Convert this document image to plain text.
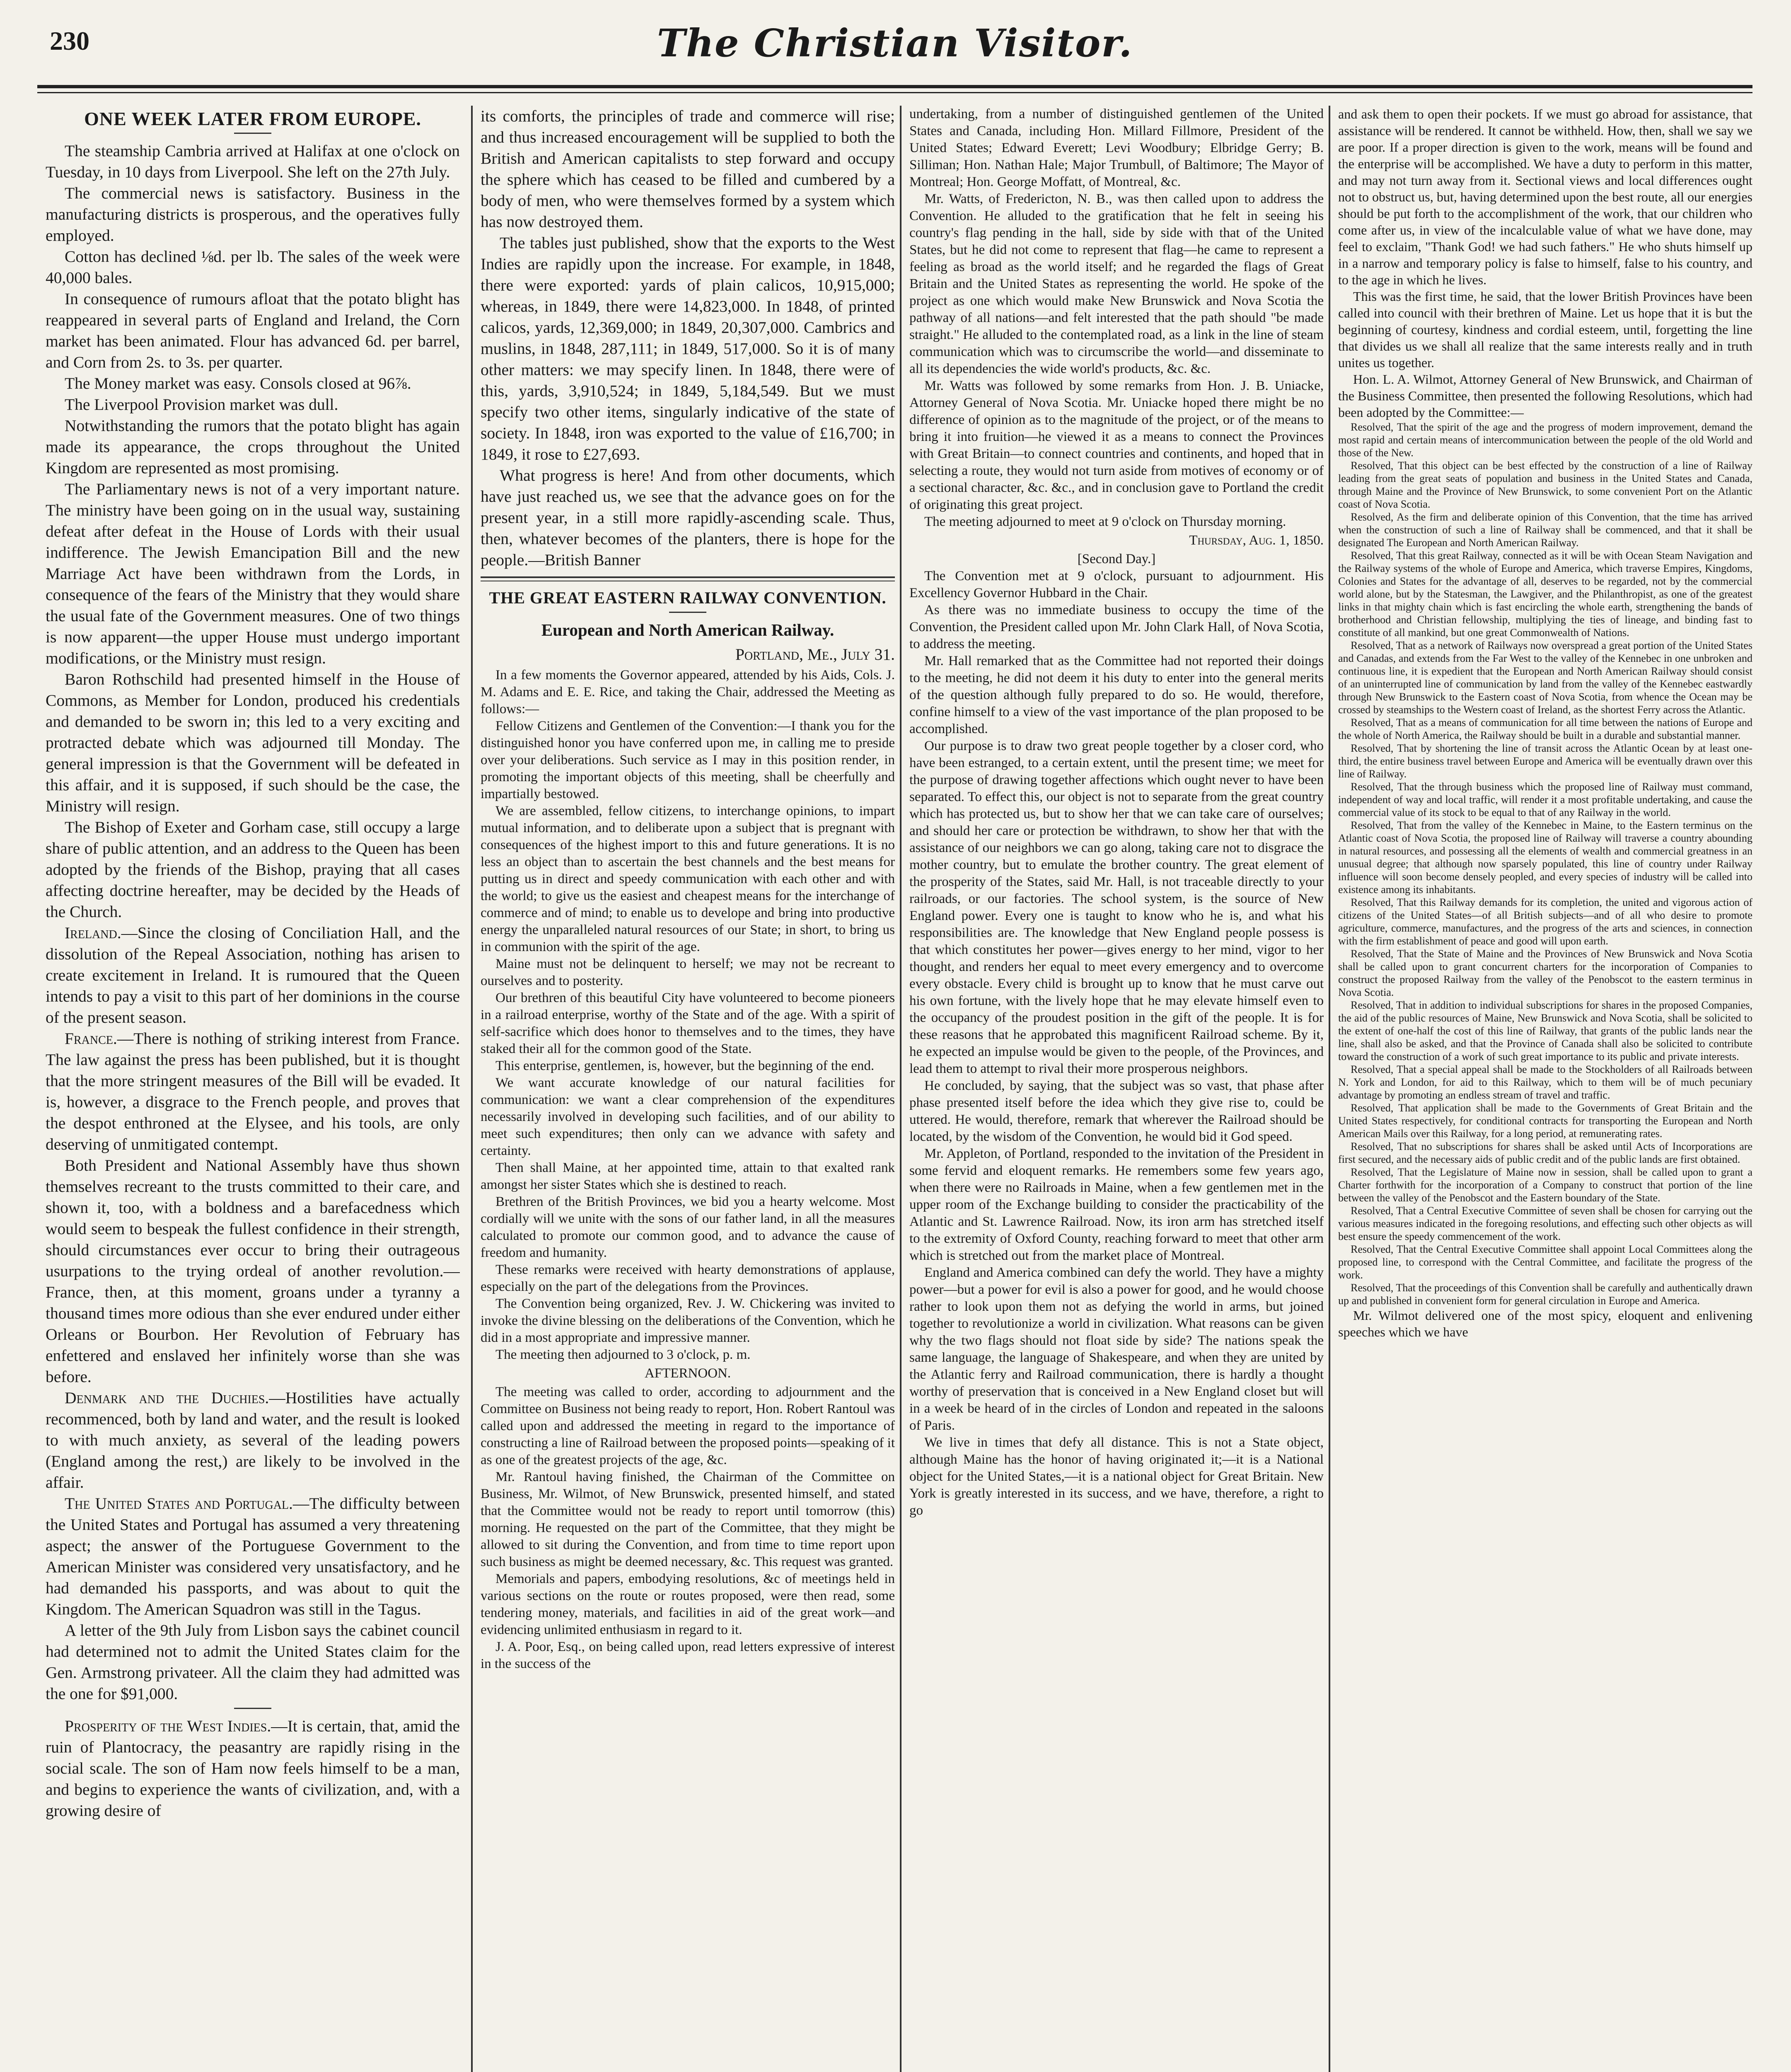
230	The Christian Visitor.
ONE WEEK LATER FROM EUROPE.

The steamship Cambria arrived at Halifax at one o'clock on Tuesday, in 10 days from Liverpool. She left on the 27th July.

The commercial news is satisfactory. Business in the manufacturing districts is prosperous, and the operatives fully employed.

Cotton has declined ⅛d. per lb. The sales of the week were 40,000 bales.

In consequence of rumours afloat that the potato blight has reappeared in several parts of England and Ireland, the Corn market has been animated. Flour has advanced 6d. per barrel, and Corn from 2s. to 3s. per quarter.

The Money market was easy. Consols closed at 96⅞.

The Liverpool Provision market was dull.

Notwithstanding the rumors that the potato blight has again made its appearance, the crops throughout the United Kingdom are represented as most promising.

The Parliamentary news is not of a very important nature. The ministry have been going on in the usual way, sustaining defeat after defeat in the House of Lords with their usual indifference. The Jewish Emancipation Bill and the new Marriage Act have been withdrawn from the Lords, in consequence of the fears of the Ministry that they would share the usual fate of the Government measures. One of two things is now apparent—the upper House must undergo important modifications, or the Ministry must resign.

Baron Rothschild had presented himself in the House of Commons, as Member for London, produced his credentials and demanded to be sworn in; this led to a very exciting and protracted debate which was adjourned till Monday. The general impression is that the Government will be defeated in this affair, and it is supposed, if such should be the case, the Ministry will resign.

The Bishop of Exeter and Gorham case, still occupy a large share of public attention, and an address to the Queen has been adopted by the friends of the Bishop, praying that all cases affecting doctrine hereafter, may be decided by the Heads of the Church.

Ireland.—Since the closing of Conciliation Hall, and the dissolution of the Repeal Association, nothing has arisen to create excitement in Ireland. It is rumoured that the Queen intends to pay a visit to this part of her dominions in the course of the present season.

France.—There is nothing of striking interest from France. The law against the press has been published, but it is thought that the more stringent measures of the Bill will be evaded. It is, however, a disgrace to the French people, and proves that the despot enthroned at the Elysee, and his tools, are only deserving of unmitigated contempt.

Both President and National Assembly have thus shown themselves recreant to the trusts committed to their care, and shown it, too, with a boldness and a barefacedness which would seem to bespeak the fullest confidence in their strength, should circumstances ever occur to bring their outrageous usurpations to the trying ordeal of another revolution.—France, then, at this moment, groans under a tyranny a thousand times more odious than she ever endured under either Orleans or Bourbon. Her Revolution of February has enfettered and enslaved her infinitely worse than she was before.

Denmark and the Duchies.—Hostilities have actually recommenced, both by land and water, and the result is looked to with much anxiety, as several of the leading powers (England among the rest,) are likely to be involved in the affair.

The United States and Portugal.—The difficulty between the United States and Portugal has assumed a very threatening aspect; the answer of the Portuguese Government to the American Minister was considered very unsatisfactory, and he had demanded his passports, and was about to quit the Kingdom. The American Squadron was still in the Tagus.

A letter of the 9th July from Lisbon says the cabinet council had determined not to admit the United States claim for the Gen. Armstrong privateer. All the claim they had admitted was the one for $91,000.

Prosperity of the West Indies.—It is certain, that, amid the ruin of Plantocracy, the peasantry are rapidly rising in the social scale. The son of Ham now feels himself to be a man, and begins to experience the wants of civilization, and, with a growing desire of

its comforts, the principles of trade and commerce will rise; and thus increased encouragement will be supplied to both the British and American capitalists to step forward and occupy the sphere which has ceased to be filled and cumbered by a body of men, who were themselves formed by a system which has now destroyed them.

The tables just published, show that the exports to the West Indies are rapidly upon the increase. For example, in 1848, there were exported: yards of plain calicos, 10,915,000; whereas, in 1849, there were 14,823,000. In 1848, of printed calicos, yards, 12,369,000; in 1849, 20,307,000. Cambrics and muslins, in 1848, 287,111; in 1849, 517,000. So it is of many other matters: we may specify linen. In 1848, there were of this, yards, 3,910,524; in 1849, 5,184,549. But we must specify two other items, singularly indicative of the state of society. In 1848, iron was exported to the value of £16,700; in 1849, it rose to £27,693.

What progress is here! And from other documents, which have just reached us, we see that the advance goes on for the present year, in a still more rapidly-ascending scale. Thus, then, whatever becomes of the planters, there is hope for the people.—British Banner

THE GREAT EASTERN RAILWAY CONVENTION.
European and North American Railway.
Portland, Me., July 31.

In a few moments the Governor appeared, attended by his Aids, Cols. J. M. Adams and E. E. Rice, and taking the Chair, addressed the Meeting as follows:—

Fellow Citizens and Gentlemen of the Convention:—I thank you for the distinguished honor you have conferred upon me, in calling me to preside over your deliberations. Such service as I may in this position render, in promoting the important objects of this meeting, shall be cheerfully and impartially bestowed.

We are assembled, fellow citizens, to interchange opinions, to impart mutual information, and to deliberate upon a subject that is pregnant with consequences of the highest import to this and future generations. It is no less an object than to ascertain the best channels and the best means for putting us in direct and speedy communication with each other and with the world; to give us the easiest and cheapest means for the interchange of commerce and of mind; to enable us to develope and bring into productive energy the unparalleled natural resources of our State; in short, to bring us in communion with the spirit of the age.

Maine must not be delinquent to herself; we may not be recreant to ourselves and to posterity.

Our brethren of this beautiful City have volunteered to become pioneers in a railroad enterprise, worthy of the State and of the age. With a spirit of self-sacrifice which does honor to themselves and to the times, they have staked their all for the common good of the State.

This enterprise, gentlemen, is, however, but the beginning of the end.

We want accurate knowledge of our natural facilities for communication: we want a clear comprehension of the expenditures necessarily involved in developing such facilities, and of our ability to meet such expenditures; then only can we advance with safety and certainty.

Then shall Maine, at her appointed time, attain to that exalted rank amongst her sister States which she is destined to reach.

Brethren of the British Provinces, we bid you a hearty welcome. Most cordially will we unite with the sons of our father land, in all the measures calculated to promote our common good, and to advance the cause of freedom and humanity.

These remarks were received with hearty demonstrations of applause, especially on the part of the delegations from the Provinces.

The Convention being organized, Rev. J. W. Chickering was invited to invoke the divine blessing on the deliberations of the Convention, which he did in a most appropriate and impressive manner.

The meeting then adjourned to 3 o'clock, p. m.

AFTERNOON.

The meeting was called to order, according to adjournment and the Committee on Business not being ready to report, Hon. Robert Rantoul was called upon and addressed the meeting in regard to the importance of constructing a line of Railroad between the proposed points—speaking of it as one of the greatest projects of the age, &c.

Mr. Rantoul having finished, the Chairman of the Committee on Business, Mr. Wilmot, of New Brunswick, presented himself, and stated that the Committee would not be ready to report until tomorrow (this) morning. He requested on the part of the Committee, that they might be allowed to sit during the Convention, and from time to time report upon such business as might be deemed necessary, &c. This request was granted.

Memorials and papers, embodying resolutions, &c of meetings held in various sections on the route or routes proposed, were then read, some tendering money, materials, and facilities in aid of the great work—and evidencing unlimited enthusiasm in regard to it.

J. A. Poor, Esq., on being called upon, read letters expressive of interest in the success of the

undertaking, from a number of distinguished gentlemen of the United States and Canada, including Hon. Millard Fillmore, President of the United States; Edward Everett; Levi Woodbury; Elbridge Gerry; B. Silliman; Hon. Nathan Hale; Major Trumbull, of Baltimore; The Mayor of Montreal; Hon. George Moffatt, of Montreal, &c.

Mr. Watts, of Fredericton, N. B., was then called upon to address the Convention. He alluded to the gratification that he felt in seeing his country's flag pending in the hall, side by side with that of the United States, but he did not come to represent that flag—he came to represent a feeling as broad as the world itself; and he regarded the flags of Great Britain and the United States as representing the world. He spoke of the project as one which would make New Brunswick and Nova Scotia the pathway of all nations—and felt interested that the path should "be made straight." He alluded to the contemplated road, as a link in the line of steam communication which was to circumscribe the world—and disseminate to all its dependencies the wide world's products, &c. &c.

Mr. Watts was followed by some remarks from Hon. J. B. Uniacke, Attorney General of Nova Scotia. Mr. Uniacke hoped there might be no difference of opinion as to the magnitude of the project, or of the means to bring it into fruition—he viewed it as a means to connect the Provinces with Great Britain—to connect countries and continents, and hoped that in selecting a route, they would not turn aside from motives of economy or of a sectional character, &c. &c., and in conclusion gave to Portland the credit of originating this great project.

The meeting adjourned to meet at 9 o'clock on Thursday morning.

Thursday, Aug. 1, 1850.
[Second Day.]

The Convention met at 9 o'clock, pursuant to adjournment. His Excellency Governor Hubbard in the Chair.

As there was no immediate business to occupy the time of the Convention, the President called upon Mr. John Clark Hall, of Nova Scotia, to address the meeting.

Mr. Hall remarked that as the Committee had not reported their doings to the meeting, he did not deem it his duty to enter into the general merits of the question although fully prepared to do so. He would, therefore, confine himself to a view of the vast importance of the plan proposed to be accomplished.

Our purpose is to draw two great people together by a closer cord, who have been estranged, to a certain extent, until the present time; we meet for the purpose of drawing together affections which ought never to have been separated. To effect this, our object is not to separate from the great country which has protected us, but to show her that we can take care of ourselves; and should her care or protection be withdrawn, to show her that with the assistance of our neighbors we can go along, taking care not to disgrace the mother country, but to emulate the brother country. The great element of the prosperity of the States, said Mr. Hall, is not traceable directly to your railroads, or our factories. The school system, is the source of New England power. Every one is taught to know who he is, and what his responsibilities are. The knowledge that New England people possess is that which constitutes her power—gives energy to her mind, vigor to her thought, and renders her equal to meet every emergency and to overcome every obstacle. Every child is brought up to know that he must carve out his own fortune, with the lively hope that he may elevate himself even to the occupancy of the proudest position in the gift of the people. It is for these reasons that he approbated this magnificent Railroad scheme. By it, he expected an impulse would be given to the people, of the Provinces, and lead them to attempt to rival their more prosperous neighbors.

He concluded, by saying, that the subject was so vast, that phase after phase presented itself before the idea which they give rise to, could be uttered. He would, therefore, remark that wherever the Railroad should be located, by the wisdom of the Convention, he would bid it God speed.

Mr. Appleton, of Portland, responded to the invitation of the President in some fervid and eloquent remarks. He remembers some few years ago, when there were no Railroads in Maine, when a few gentlemen met in the upper room of the Exchange building to consider the practicability of the Atlantic and St. Lawrence Railroad. Now, its iron arm has stretched itself to the extremity of Oxford County, reaching forward to meet that other arm which is stretched out from the market place of Montreal.

England and America combined can defy the world. They have a mighty power—but a power for evil is also a power for good, and he would choose rather to look upon them not as defying the world in arms, but joined together to revolutionize a world in civilization. What reasons can be given why the two flags should not float side by side? The nations speak the same language, the language of Shakespeare, and when they are united by the Atlantic ferry and Railroad communication, there is hardly a thought worthy of preservation that is conceived in a New England closet but will in a week be heard of in the circles of London and repeated in the saloons of Paris.

We live in times that defy all distance. This is not a State object, although Maine has the honor of having originated it;—it is a National object for the United States,—it is a national object for Great Britain. New York is greatly interested in its success, and we have, therefore, a right to go

and ask them to open their pockets. If we must go abroad for assistance, that assistance will be rendered. It cannot be withheld. How, then, shall we say we are poor. If a proper direction is given to the work, means will be found and the enterprise will be accomplished. We have a duty to perform in this matter, and may not turn away from it. Sectional views and local differences ought not to obstruct us, but, having determined upon the best route, all our energies should be put forth to the accomplishment of the work, that our children who come after us, in view of the incalculable value of what we have done, may feel to exclaim, "Thank God! we had such fathers." He who shuts himself up in a narrow and temporary policy is false to himself, false to his country, and to the age in which he lives.

This was the first time, he said, that the lower British Provinces have been called into council with their brethren of Maine. Let us hope that it is but the beginning of courtesy, kindness and cordial esteem, until, forgetting the line that divides us we shall all realize that the same interests really and in truth unites us together.

Hon. L. A. Wilmot, Attorney General of New Brunswick, and Chairman of the Business Committee, then presented the following Resolutions, which had been adopted by the Committee:—

Resolved, That the spirit of the age and the progress of modern improvement, demand the most rapid and certain means of intercommunication between the people of the old World and those of the New.

Resolved, That this object can be best effected by the construction of a line of Railway leading from the great seats of population and business in the United States and Canada, through Maine and the Province of New Brunswick, to some convenient Port on the Atlantic coast of Nova Scotia.

Resolved, As the firm and deliberate opinion of this Convention, that the time has arrived when the construction of such a line of Railway shall be commenced, and that it shall be designated The European and North American Railway.

Resolved, That this great Railway, connected as it will be with Ocean Steam Navigation and the Railway systems of the whole of Europe and America, which traverse Empires, Kingdoms, Colonies and States for the advantage of all, deserves to be regarded, not by the commercial world alone, but by the Statesman, the Lawgiver, and the Philanthropist, as one of the greatest links in that mighty chain which is fast encircling the whole earth, strengthening the bands of brotherhood and Christian fellowship, multiplying the ties of lineage, and binding fast to constitute of all mankind, but one great Commonwealth of Nations.

Resolved, That as a network of Railways now overspread a great portion of the United States and Canadas, and extends from the Far West to the valley of the Kennebec in one unbroken and continuous line, it is expedient that the European and North American Railway should consist of an uninterrupted line of communication by land from the valley of the Kennebec eastwardly through New Brunswick to the Eastern coast of Nova Scotia, from whence the Ocean may be crossed by steamships to the Western coast of Ireland, as the shortest Ferry across the Atlantic.

Resolved, That as a means of communication for all time between the nations of Europe and the whole of North America, the Railway should be built in a durable and substantial manner.

Resolved, That by shortening the line of transit across the Atlantic Ocean by at least one-third, the entire business travel between Europe and America will be eventually drawn over this line of Railway.

Resolved, That the through business which the proposed line of Railway must command, independent of way and local traffic, will render it a most profitable undertaking, and cause the commercial value of its stock to be equal to that of any Railway in the world.

Resolved, That from the valley of the Kennebec in Maine, to the Eastern terminus on the Atlantic coast of Nova Scotia, the proposed line of Railway will traverse a country abounding in natural resources, and possessing all the elements of wealth and commercial greatness in an unusual degree; that although now sparsely populated, this line of country under Railway influence will soon become densely peopled, and every species of industry will be called into existence among its inhabitants.

Resolved, That this Railway demands for its completion, the united and vigorous action of citizens of the United States—of all British subjects—and of all who desire to promote agriculture, commerce, manufactures, and the progress of the arts and sciences, in connection with the firm establishment of peace and good will upon earth.

Resolved, That the State of Maine and the Provinces of New Brunswick and Nova Scotia shall be called upon to grant concurrent charters for the incorporation of Companies to construct the proposed Railway from the valley of the Penobscot to the eastern terminus in Nova Scotia.

Resolved, That in addition to individual subscriptions for shares in the proposed Companies, the aid of the public resources of Maine, New Brunswick and Nova Scotia, shall be solicited to the extent of one-half the cost of this line of Railway, that grants of the public lands near the line, shall also be asked, and that the Province of Canada shall also be solicited to contribute toward the construction of a work of such great importance to its public and private interests.

Resolved, That a special appeal shall be made to the Stockholders of all Railroads between N. York and London, for aid to this Railway, which to them will be of much pecuniary advantage by promoting an endless stream of travel and traffic.

Resolved, That application shall be made to the Governments of Great Britain and the United States respectively, for conditional contracts for transporting the European and North American Mails over this Railway, for a long period, at remunerating rates.

Resolved, That no subscriptions for shares shall be asked until Acts of Incorporations are first secured, and the necessary aids of public credit and of the public lands are first obtained.

Resolved, That the Legislature of Maine now in session, shall be called upon to grant a Charter forthwith for the incorporation of a Company to construct that portion of the line between the valley of the Penobscot and the Eastern boundary of the State.

Resolved, That a Central Executive Committee of seven shall be chosen for carrying out the various measures indicated in the foregoing resolutions, and effecting such other objects as will best ensure the speedy commencement of the work.

Resolved, That the Central Executive Committee shall appoint Local Committees along the proposed line, to correspond with the Central Committee, and facilitate the progress of the work.

Resolved, That the proceedings of this Convention shall be carefully and authentically drawn up and published in convenient form for general circulation in Europe and America.

Mr. Wilmot delivered one of the most spicy, eloquent and enlivening speeches which we have
